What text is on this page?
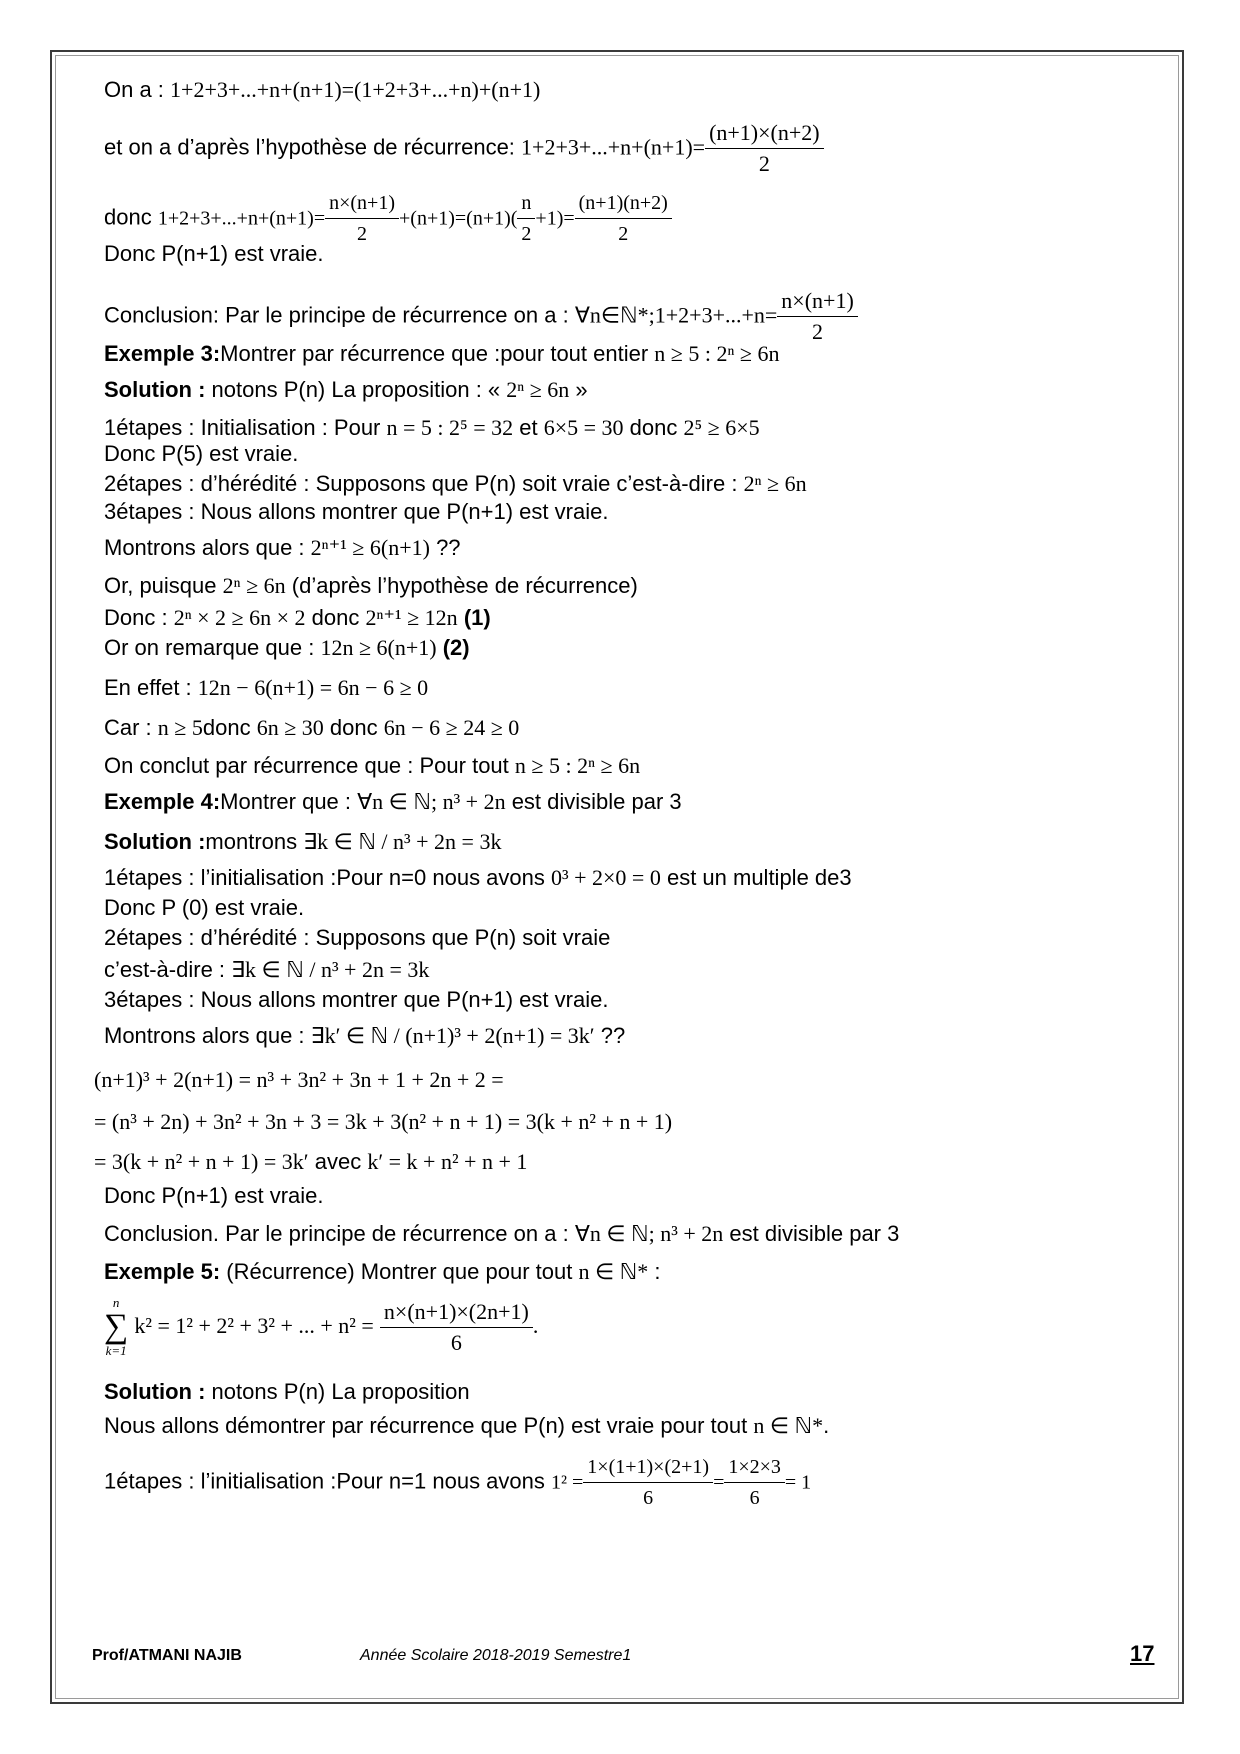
On a : 1+2+3+...+n+(n+1)=(1+2+3+...+n)+(n+1)
et on a d’après l’hypothèse de récurrence: $1+2+3+...+n+(n+1)= \frac{(n+1)\times(n+2)}{2}$
donc $1+2+3+...+n+(n+1)= \frac{n\times(n+1)}{2} +(n+1)=(n+1)( \frac{n}{2} +1)= \frac{(n+1)(n+2)}{2}$
Donc P(n+1) est vraie.
Conclusion: Par le principe de récurrence on a : ∀n∈ℕ*;1+2+3+...+n= $\frac{n\times(n+1)}{2}$
Exemple 3:Montrer par récurrence que :pour tout entier n ≥ 5 : 2ⁿ ≥ 6n
Solution : notons P(n) La proposition : « 2ⁿ ≥ 6n »
1étapes : Initialisation : Pour n = 5 : 2⁵ = 32 et 6×5 = 30 donc 2⁵ ≥ 6×5
Donc P(5) est vraie.
2étapes : d’hérédité : Supposons que P(n) soit vraie c’est-à-dire : 2ⁿ ≥ 6n
3étapes : Nous allons montrer que P(n+1) est vraie.
Montrons alors que : 2ⁿ⁺¹ ≥ 6(n+1) ??
Or, puisque 2ⁿ ≥ 6n (d’après l’hypothèse de récurrence)
Donc : 2ⁿ × 2 ≥ 6n × 2 donc 2ⁿ⁺¹ ≥ 12n (1)
Or on remarque que : 12n ≥ 6(n+1) (2)
En effet : 12n − 6(n+1) = 6n − 6 ≥ 0
Car : n ≥ 5donc 6n ≥ 30 donc 6n − 6 ≥ 24 ≥ 0
On conclut par récurrence que : Pour tout n ≥ 5 : 2ⁿ ≥ 6n
Exemple 4:Montrer que : ∀n ∈ ℕ; n³ + 2n est divisible par 3
Solution :montrons ∃k ∈ ℕ / n³ + 2n = 3k
1étapes : l’initialisation :Pour n=0 nous avons 0³ + 2×0 = 0 est un multiple de3
Donc P (0) est vraie.
2étapes : d’hérédité : Supposons que P(n) soit vraie
c’est-à-dire : ∃k ∈ ℕ / n³ + 2n = 3k
3étapes : Nous allons montrer que P(n+1) est vraie.
Montrons alors que : ∃k′ ∈ ℕ / (n+1)³ + 2(n+1) = 3k′ ??
(n+1)³ + 2(n+1) = n³ + 3n² + 3n + 1 + 2n + 2 =
= (n³ + 2n) + 3n² + 3n + 3 = 3k + 3(n² + n + 1) = 3(k + n² + n + 1)
= 3(k + n² + n + 1) = 3k′ avec k′ = k + n² + n + 1
Donc P(n+1) est vraie.
Conclusion. Par le principe de récurrence on a : ∀n ∈ ℕ; n³ + 2n est divisible par 3
Exemple 5: (Récurrence) Montrer que pour tout n ∈ ℕ* :
n
∑
k=1
k² = 1² + 2² + 3² + ... + $n^2 = \frac{n\times(n+1)\times(2n+1)}{6}$ .
Solution : notons P(n) La proposition
Nous allons démontrer par récurrence que P(n) est vraie pour tout n ∈ ℕ*.
1étapes : l’initialisation :Pour n=1 nous avons $1^2 = \frac{1\times(1+1)\times(2+1)}{6} = \frac{1\times 2\times 3}{6} = 1$
Prof/ATMANI NAJIB	Année Scolaire 2018-2019 Semestre1	17
